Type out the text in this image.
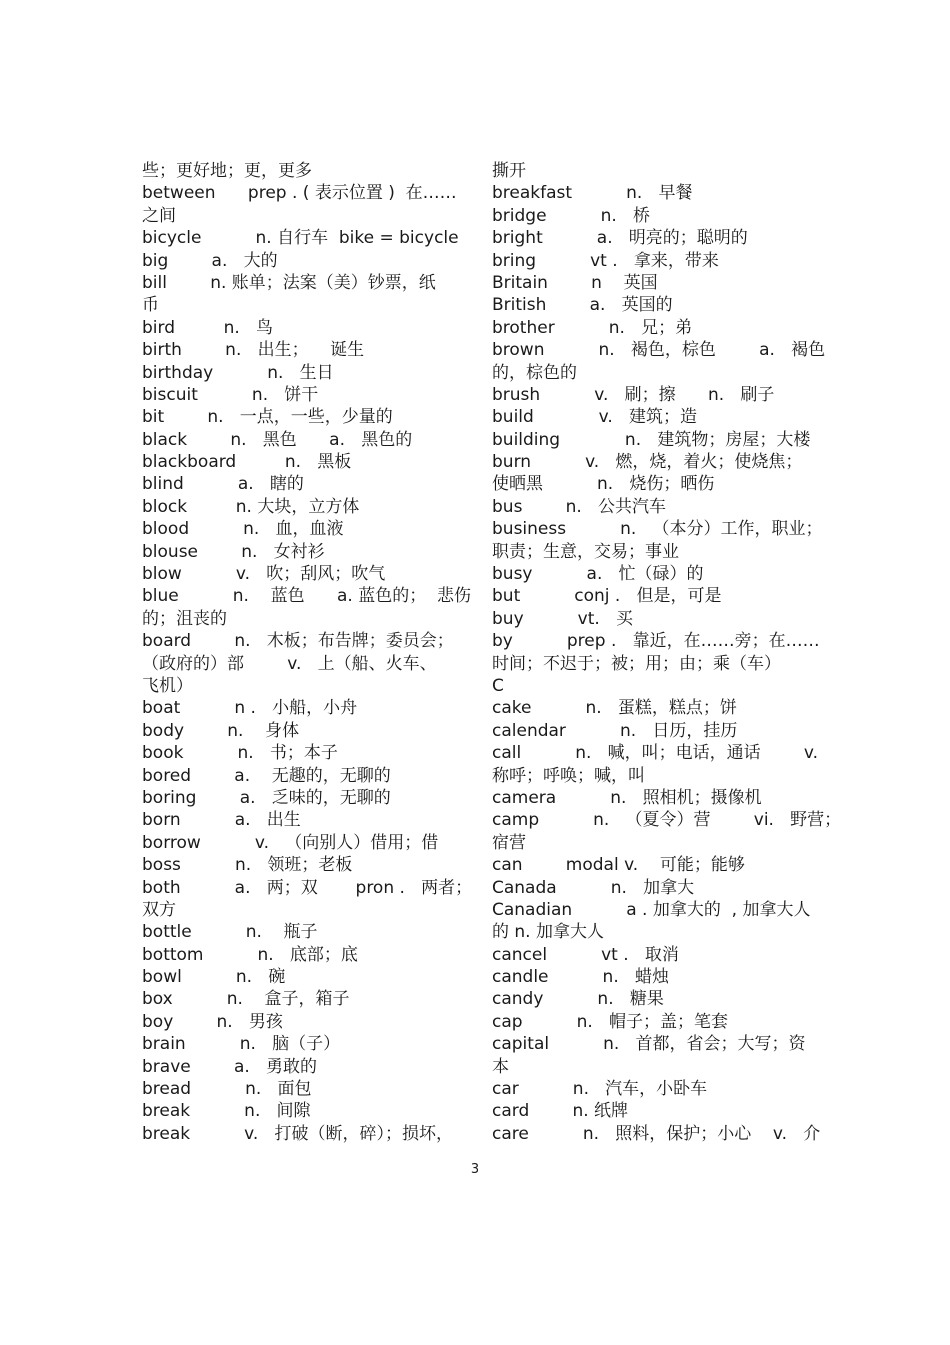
些；更好地；更，更多
between      prep . ( 表示位置 )  在……
之间
bicycle          n. 自行车  bike = bicycle
big        a.   大的
bill        n. 账单；法案（美）钞票，纸
币
bird         n.   鸟
birth        n.   出生；    诞生
birthday          n.   生日
biscuit          n.   饼干
bit        n.   一点，一些，少量的
black        n.   黑色      a.   黑色的
blackboard         n.   黑板
blind          a.   瞎的
block         n. 大块，立方体
blood          n.   血，血液
blouse        n.   女衬衫
blow          v.   吹；刮风；吹气
blue          n.    蓝色      a. 蓝色的；  悲伤
的；沮丧的
board        n.   木板；布告牌；委员会；
（政府的）部        v.   上（船、火车、
飞机）
boat          n .   小船，小舟
body        n.    身体
book          n.   书；本子
bored        a.    无趣的，无聊的
boring        a.   乏味的，无聊的
born          a.   出生
borrow          v.   （向别人）借用；借
boss          n.   领班；老板
both          a.   两；双       pron .   两者；
双方
bottle          n.    瓶子
bottom          n.   底部；底
bowl          n.   碗
box          n.    盒子，箱子
boy        n.   男孩
brain          n.   脑（子）
brave        a.   勇敢的
bread          n.   面包
break          n.   间隙
break          v.   打破（断，碎）；损坏，
撕开
breakfast          n.   早餐
bridge          n.   桥
bright          a.   明亮的；聪明的
bring          vt .   拿来，带来
Britain        n    英国
British        a.   英国的
brother          n.   兄；弟
brown          n.   褐色，棕色        a.   褐色
的，棕色的
brush          v.   刷；擦      n.   刷子
build            v.   建筑；造
building            n.   建筑物；房屋；大楼
burn          v.   燃，烧，着火；使烧焦；
使晒黑          n.   烧伤；晒伤
bus        n.   公共汽车
business          n.   （本分）工作，职业；
职责；生意，交易；事业
busy          a.   忙（碌）的
but          conj .   但是，可是
buy          vt.   买
by          prep .   靠近，在……旁；在……
时间；不迟于；被；用；由；乘（车）
C
cake          n.   蛋糕，糕点；饼
calendar          n.   日历，挂历
call          n.   喊，叫；电话，通话        v.
称呼；呼唤；喊，叫
camera          n.   照相机；摄像机
camp          n.   （夏令）营        vi.   野营；
宿营
can        modal v.    可能；能够
Canada          n.   加拿大
Canadian          a . 加拿大的  , 加拿大人
的 n. 加拿大人
cancel          vt .   取消
candle          n.   蜡烛
candy          n.   糖果
cap          n.   帽子；盖；笔套
capital          n.   首都，省会；大写；资
本
car          n.   汽车，小卧车
card        n. 纸牌
care          n.   照料，保护；小心    v.   介
3
